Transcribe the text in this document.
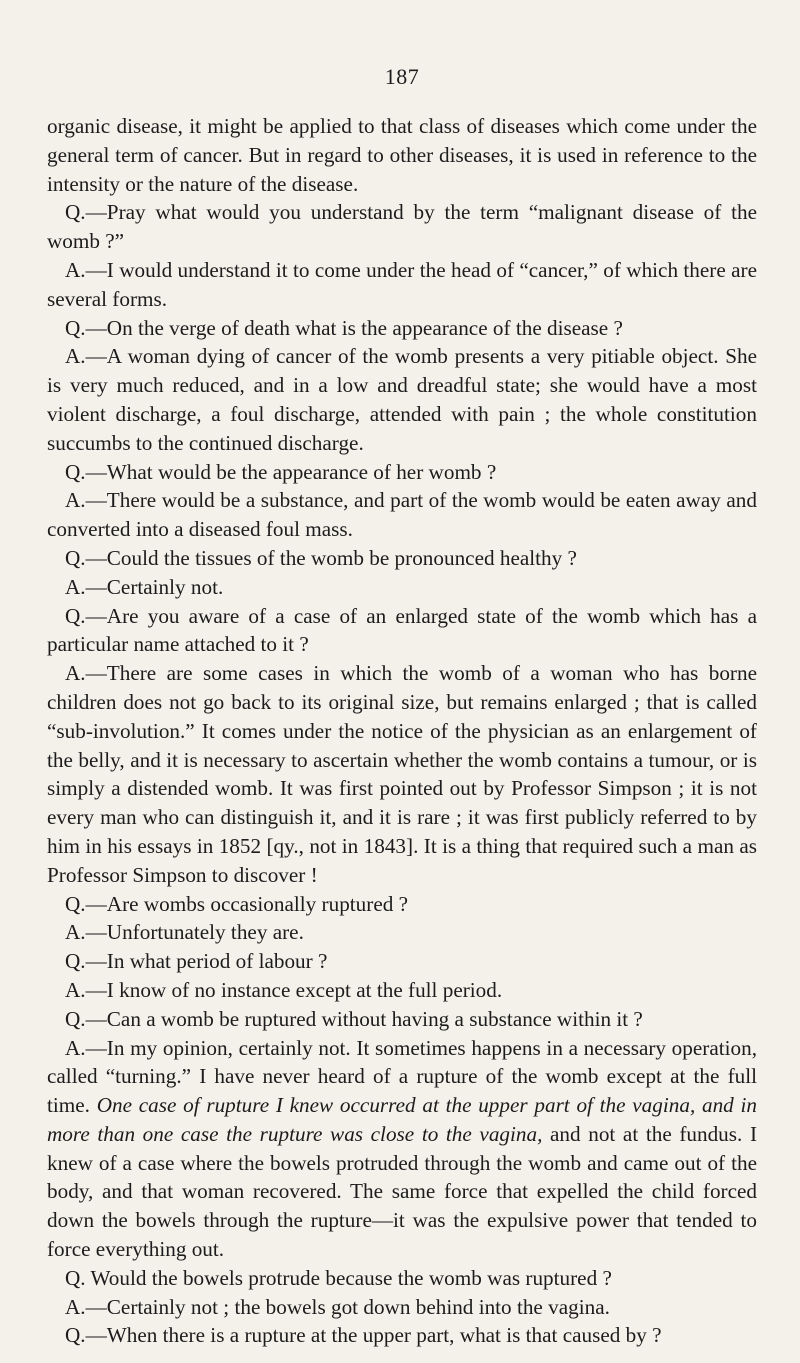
187

organic disease, it might be applied to that class of diseases which come under the general term of cancer. But in regard to other diseases, it is used in reference to the intensity or the nature of the disease.

Q.—Pray what would you understand by the term “malignant disease of the womb ?”

A.—I would understand it to come under the head of “cancer,” of which there are several forms.

Q.—On the verge of death what is the appearance of the disease ?

A.—A woman dying of cancer of the womb presents a very pitiable object. She is very much reduced, and in a low and dreadful state; she would have a most violent discharge, a foul discharge, attended with pain ; the whole constitution succumbs to the continued discharge.

Q.—What would be the appearance of her womb ?

A.—There would be a substance, and part of the womb would be eaten away and converted into a diseased foul mass.

Q.—Could the tissues of the womb be pronounced healthy ?

A.—Certainly not.

Q.—Are you aware of a case of an enlarged state of the womb which has a particular name attached to it ?

A.—There are some cases in which the womb of a woman who has borne children does not go back to its original size, but remains enlarged ; that is called “sub-involution.” It comes under the notice of the physician as an enlargement of the belly, and it is necessary to ascertain whether the womb contains a tumour, or is simply a distended womb. It was first pointed out by Professor Simpson ; it is not every man who can distinguish it, and it is rare ; it was first publicly referred to by him in his essays in 1852 [qy., not in 1843]. It is a thing that required such a man as Professor Simpson to discover !

Q.—Are wombs occasionally ruptured ?

A.—Unfortunately they are.

Q.—In what period of labour ?

A.—I know of no instance except at the full period.

Q.—Can a womb be ruptured without having a substance within it ?

A.—In my opinion, certainly not. It sometimes happens in a necessary operation, called “turning.” I have never heard of a rupture of the womb except at the full time. One case of rupture I knew occurred at the upper part of the vagina, and in more than one case the rupture was close to the vagina, and not at the fundus. I knew of a case where the bowels protruded through the womb and came out of the body, and that woman recovered. The same force that expelled the child forced down the bowels through the rupture—it was the expulsive power that tended to force everything out.

Q. Would the bowels protrude because the womb was ruptured ?

A.—Certainly not ; the bowels got down behind into the vagina.

Q.—When there is a rupture at the upper part, what is that caused by ?
